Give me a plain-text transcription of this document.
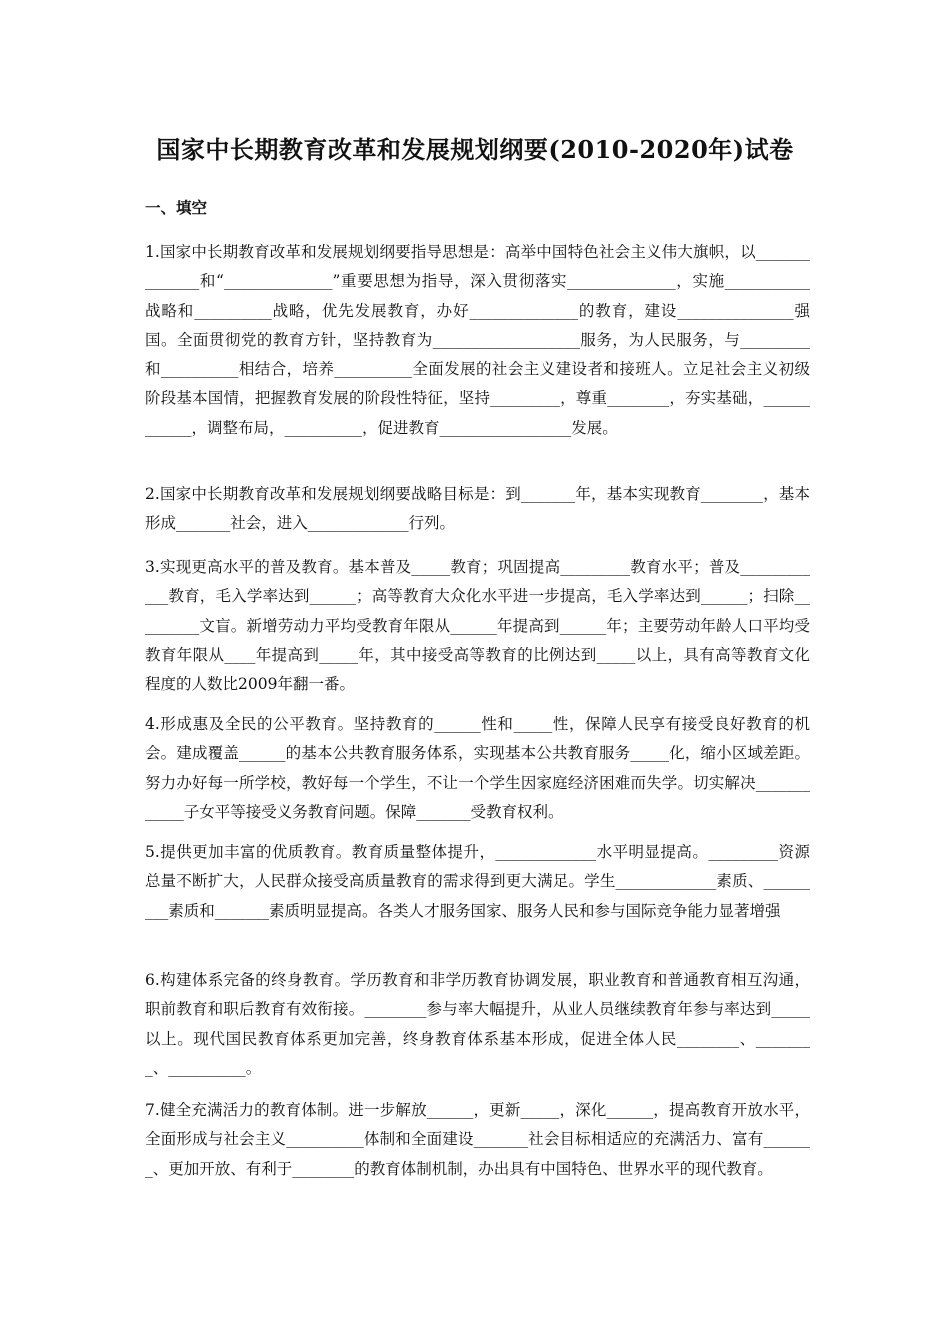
国家中长期教育改革和发展规划纲要(2010-2020年)试卷
一、填空

1.国家中长期教育改革和发展规划纲要指导思想是：高举中国特色社会主义伟大旗帜，以______________和“______________”重要思想为指导，深入贯彻落实______________，实施___________战略和__________战略，优先发展教育，办好______________的教育，建设_______________强国。全面贯彻党的教育方针，坚持教育为___________________服务，为人民服务，与_________和__________相结合，培养__________全面发展的社会主义建设者和接班人。立足社会主义初级阶段基本国情，把握教育发展的阶段性特征，坚持_________，尊重________，夯实基础，____________，调整布局，__________，促进教育_________________发展。

2.国家中长期教育改革和发展规划纲要战略目标是：到_______年，基本实现教育________，基本形成_______社会，进入_____________行列。

3.实现更高水平的普及教育。基本普及_____教育；巩固提高_________教育水平；普及____________教育，毛入学率达到______；高等教育大众化水平进一步提高，毛入学率达到______；扫除_________文盲。新增劳动力平均受教育年限从______年提高到______年；主要劳动年龄人口平均受教育年限从____年提高到_____年，其中接受高等教育的比例达到_____以上，具有高等教育文化程度的人数比2009年翻一番。

4.形成惠及全民的公平教育。坚持教育的______性和_____性，保障人民享有接受良好教育的机会。建成覆盖______的基本公共教育服务体系，实现基本公共教育服务_____化，缩小区域差距。努力办好每一所学校，教好每一个学生，不让一个学生因家庭经济困难而失学。切实解决____________子女平等接受义务教育问题。保障_______受教育权利。

5.提供更加丰富的优质教育。教育质量整体提升，_____________水平明显提高。_________资源总量不断扩大，人民群众接受高质量教育的需求得到更大满足。学生_____________素质、_________素质和_______素质明显提高。各类人才服务国家、服务人民和参与国际竞争能力显著增强

6.构建体系完备的终身教育。学历教育和非学历教育协调发展，职业教育和普通教育相互沟通，职前教育和职后教育有效衔接。________参与率大幅提升，从业人员继续教育年参与率达到_____以上。现代国民教育体系更加完善，终身教育体系基本形成，促进全体人民________、________、__________。

7.健全充满活力的教育体制。进一步解放______，更新_____，深化______，提高教育开放水平，全面形成与社会主义__________体制和全面建设_______社会目标相适应的充满活力、富有_______、更加开放、有利于________的教育体制机制，办出具有中国特色、世界水平的现代教育。
